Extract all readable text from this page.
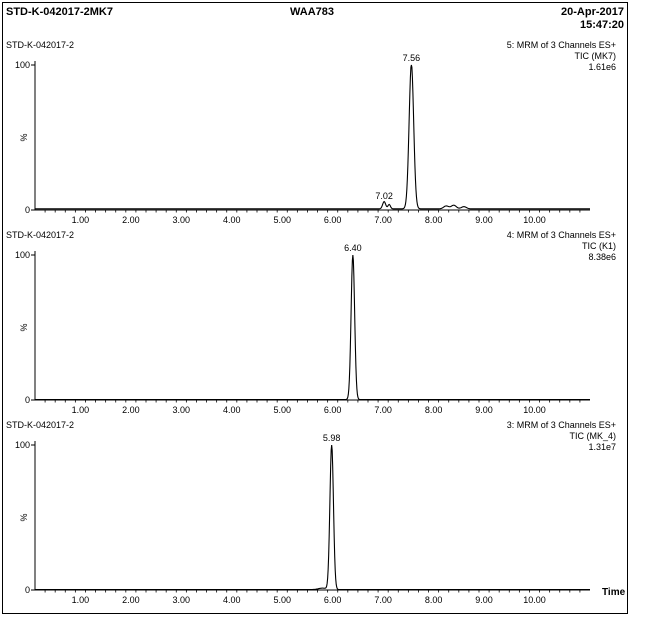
STD-K-042017-2MK7	WAA783	20-Apr-2017
15:47:20
STD-K-042017-2	5: MRM of 3 Channels ES+
TIC (MK7)
1.61e6
100
0
%
1.00	2.00	3.00	4.00	5.00	6.00	7.00	8.00	9.00	10.00
7.56
7.02
STD-K-042017-2	4: MRM of 3 Channels ES+
TIC (K1)
8.38e6
100
0
%
1.00	2.00	3.00	4.00	5.00	6.00	7.00	8.00	9.00	10.00
6.40
STD-K-042017-2	3: MRM of 3 Channels ES+
TIC (MK_4)
1.31e7
100
0
%
1.00	2.00	3.00	4.00	5.00	6.00	7.00	8.00	9.00	10.00
Time
5.98
